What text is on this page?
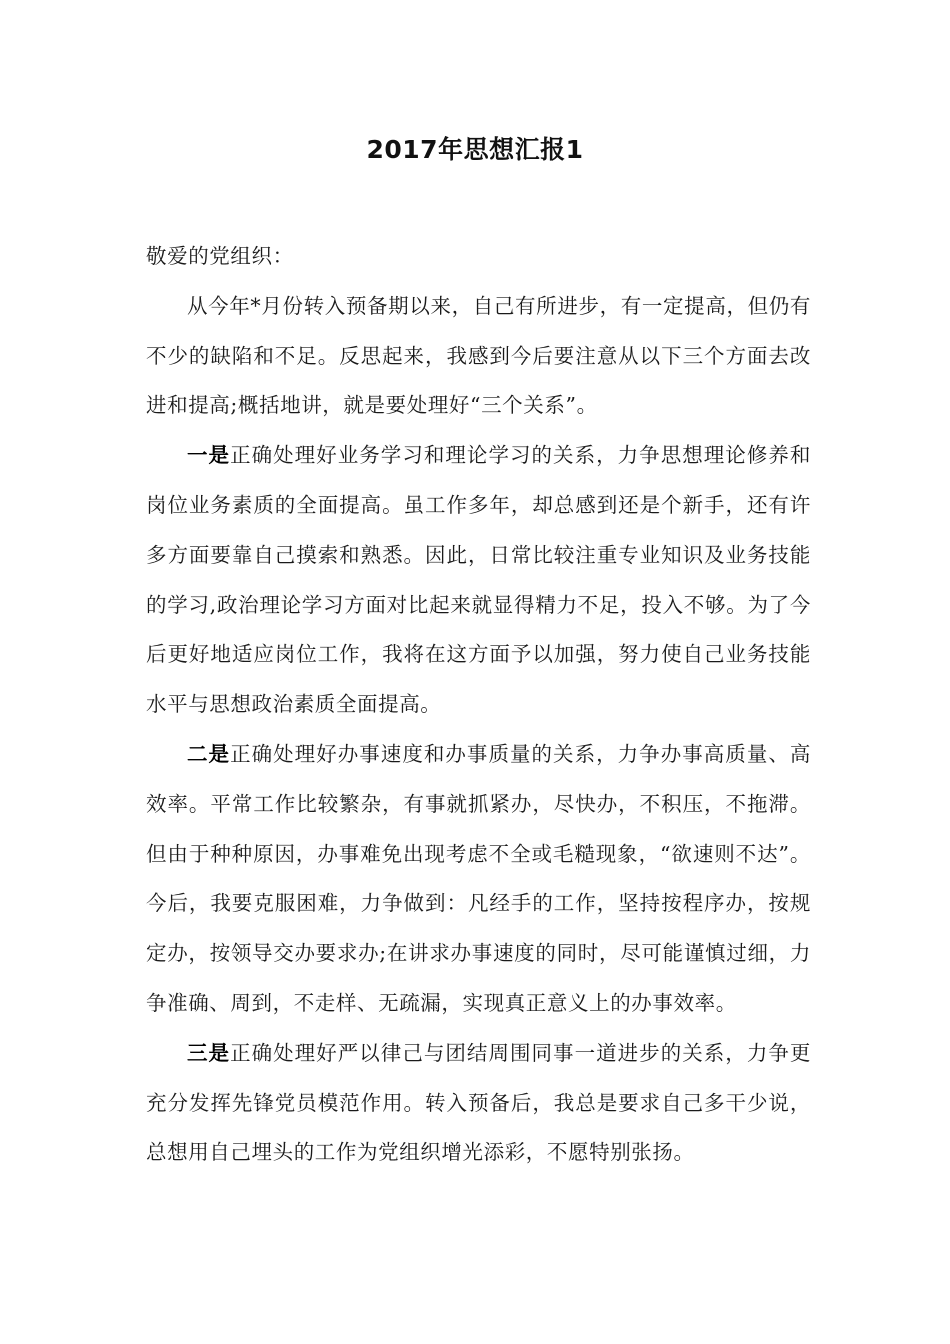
2017年思想汇报1

敬爱的党组织：

从今年*月份转入预备期以来，自己有所进步，有一定提高，但仍有不少的缺陷和不足。反思起来，我感到今后要注意从以下三个方面去改进和提高;概括地讲，就是要处理好“三个关系”。

一是正确处理好业务学习和理论学习的关系，力争思想理论修养和岗位业务素质的全面提高。虽工作多年，却总感到还是个新手，还有许多方面要靠自己摸索和熟悉。因此，日常比较注重专业知识及业务技能的学习,政治理论学习方面对比起来就显得精力不足，投入不够。为了今后更好地适应岗位工作，我将在这方面予以加强，努力使自己业务技能水平与思想政治素质全面提高。

二是正确处理好办事速度和办事质量的关系，力争办事高质量、高效率。平常工作比较繁杂，有事就抓紧办，尽快办，不积压，不拖滞。但由于种种原因，办事难免出现考虑不全或毛糙现象，“欲速则不达”。今后，我要克服困难，力争做到：凡经手的工作，坚持按程序办，按规定办，按领导交办要求办;在讲求办事速度的同时，尽可能谨慎过细，力争准确、周到，不走样、无疏漏，实现真正意义上的办事效率。

三是正确处理好严以律己与团结周围同事一道进步的关系，力争更充分发挥先锋党员模范作用。转入预备后，我总是要求自己多干少说，总想用自己埋头的工作为党组织增光添彩，不愿特别张扬。
